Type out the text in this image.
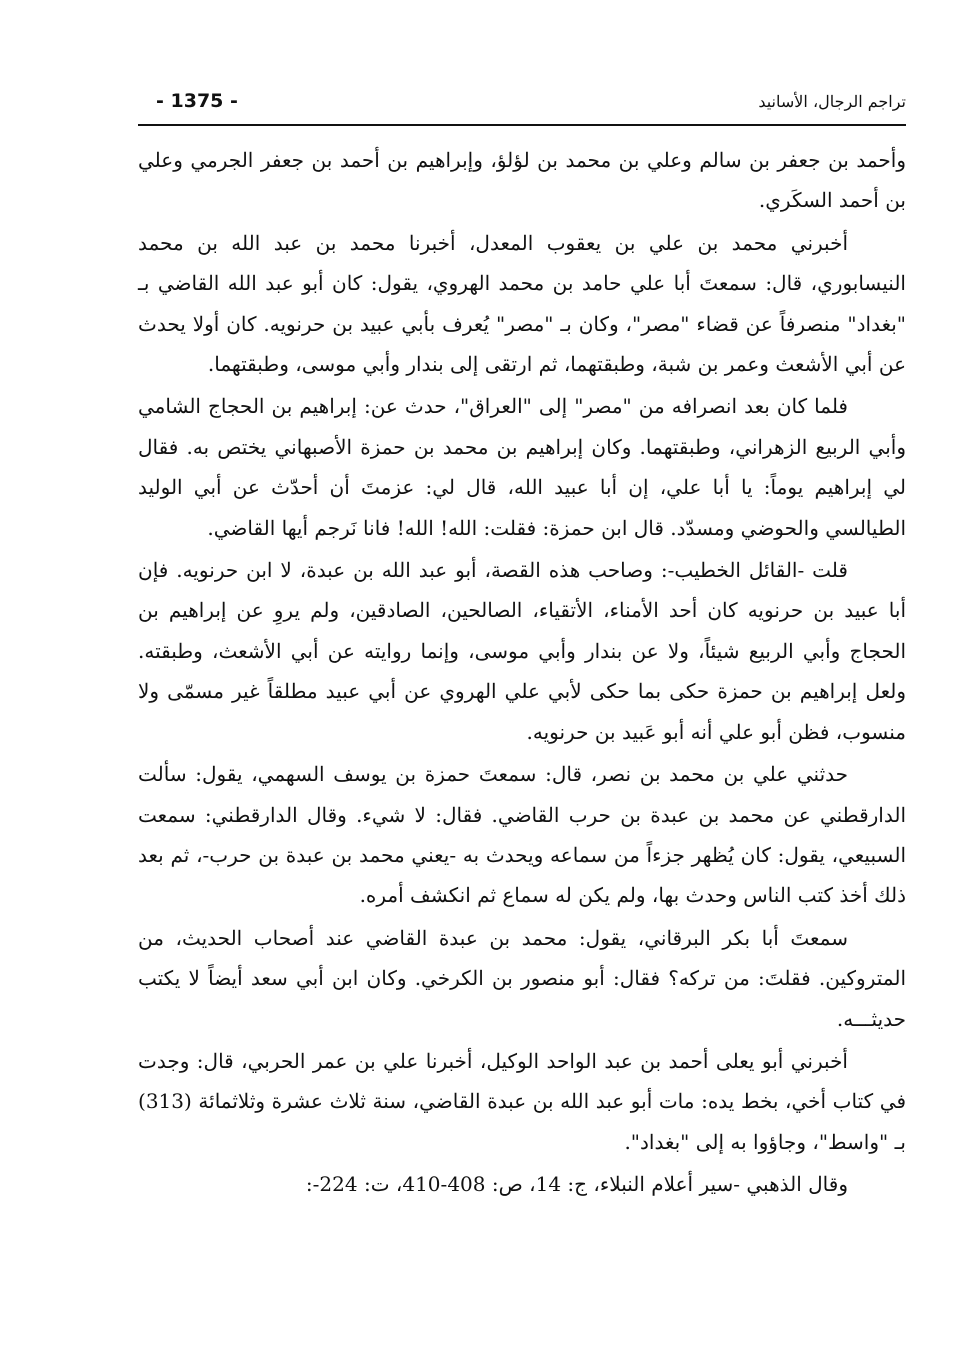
- 1375 -	تراجم الرجال، الأسانيد

وأحمد بن جعفر بن سالم وعلي بن محمد بن لؤلؤ، وإبراهيم بن أحمد بن جعفر الجرمي وعلي بن أحمد السكَري.

أخبرني محمد بن علي بن يعقوب المعدل، أخبرنا محمد بن عبد الله بن محمد النيسابوري، قال: سمعتَ أبا علي حامد بن محمد الهروي، يقول: كان أبو عبد الله القاضي بـ "بغداد" منصرفاً عن قضاء "مصر"، وكان بـ "مصر" يُعرف بأبي عبيد بن حرنويه. كان أولا يحدث عن أبي الأشعث وعمر بن شبة، وطبقتهما، ثم ارتقى إلى بندار وأبي موسى، وطبقتهما.

فلما كان بعد انصرافه من "مصر" إلى "العراق"، حدث عن: إبراهيم بن الحجاج الشامي وأبي الربيع الزهراني، وطبقتهما. وكان إبراهيم بن محمد بن حمزة الأصبهاني يختص به. فقال لي إبراهيم يوماً: يا أبا علي، إن أبا عبيد الله، قال لي: عزمتَ أن أحدّث عن أبي الوليد الطيالسي والحوضي ومسدّد. قال ابن حمزة: فقلت: الله! الله! فانا نَرجم أيها القاضي.

قلت -القائل الخطيب-: وصاحب هذه القصة، أبو عبد الله بن عبدة، لا ابن حرنويه. فإن أبا عبيد بن حرنويه كان أحد الأمناء، الأتقياء، الصالحين، الصادقين، ولم يروِ عن إبراهيم بن الحجاج وأبي الربيع شيئاً، ولا عن بندار وأبي موسى، وإنما روايته عن أبي الأشعث، وطبقته. ولعل إبراهيم بن حمزة حكى بما حكى لأبي علي الهروي عن أبي عبيد مطلقاً غير مسمّى ولا منسوب، فظن أبو علي أنه أبو عَبيد بن حرنويه.

حدثني علي بن محمد بن نصر، قال: سمعتَ حمزة بن يوسف السهمي، يقول: سألت الدارقطني عن محمد بن عبدة بن حرب القاضي. فقال: لا شيء. وقال الدارقطني: سمعت السبيعي، يقول: كان يُظهر جزءاً من سماعه ويحدث به -يعني محمد بن عبدة بن حرب-، ثم بعد ذلك أخذ كتب الناس وحدث بها، ولم يكن له سماع ثم انكشف أمره.

سمعتَ أبا بكر البرقاني، يقول: محمد بن عبدة القاضي عند أصحاب الحديث، من المتروكين. فقلتَ: من تركه؟ فقال: أبو منصور بن الكرخي. وكان ابن أبي سعد أيضاً لا يكتب حديثـــه.

أخبرني أبو يعلى أحمد بن عبد الواحد الوكيل، أخبرنا علي بن عمر الحربي، قال: وجدت في كتاب أخي، بخط يده: مات أبو عبد الله بن عبدة القاضي، سنة ثلاث عشرة وثلاثمائة (313) بـ "واسط"، وجاؤوا به إلى "بغداد".

وقال الذهبي -سير أعلام النبلاء، ج: 14، ص: 408-410، ت: 224-:
